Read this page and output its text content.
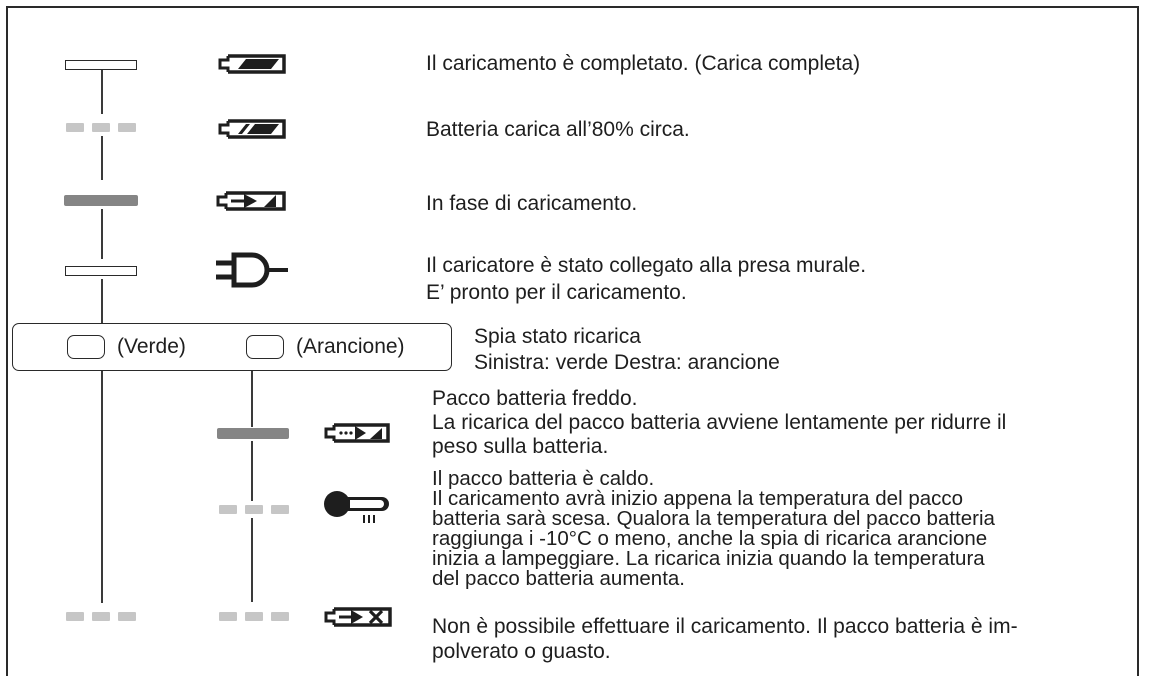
Il caricamento è completato. (Carica completa)
Batteria carica all’80% circa.
In fase di caricamento.
Il caricatore è stato collegato alla presa murale.
E’ pronto per il caricamento.
(Verde)	(Arancione)	Spia stato ricarica
Sinistra: verde Destra: arancione
Pacco batteria freddo.
La ricarica del pacco batteria avviene lentamente per ridurre il
peso sulla batteria.
Il pacco batteria è caldo.
Il caricamento avrà inizio appena la temperatura del pacco
batteria sarà scesa. Qualora la temperatura del pacco batteria
raggiunga i -10°C o meno, anche la spia di ricarica arancione
inizia a lampeggiare. La ricarica inizia quando la temperatura
del pacco batteria aumenta.
Non è possibile effettuare il caricamento. Il pacco batteria è im-
polverato o guasto.
